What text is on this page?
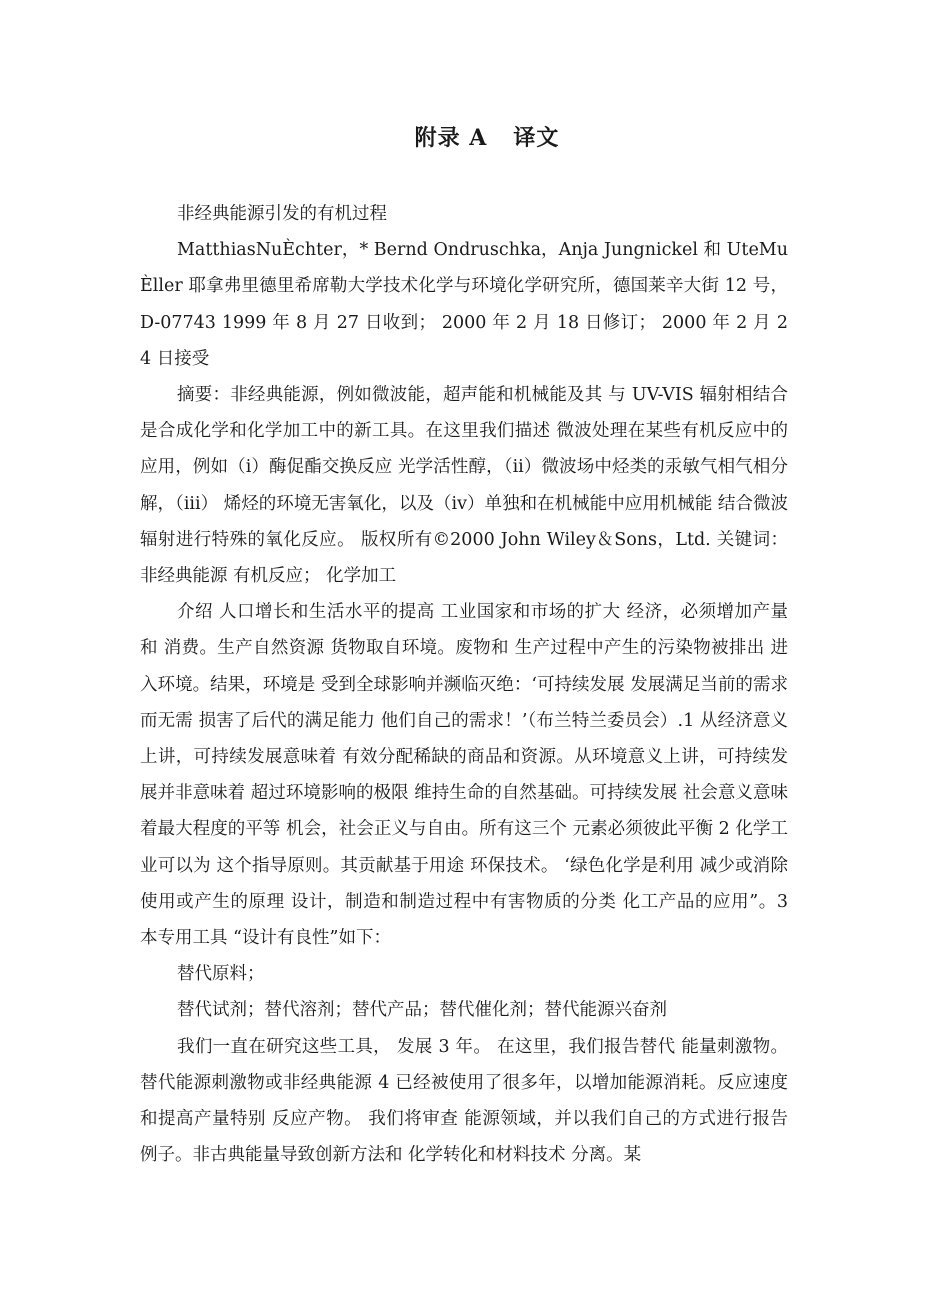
附录 A   译文

非经典能源引发的有机过程

MatthiasNuÈchter，* Bernd Ondruschka，Anja Jungnickel 和 UteMuÈller 耶拿弗里德里希席勒大学技术化学与环境化学研究所，德国莱辛大街 12 号，D-07743 1999 年 8 月 27 日收到； 2000 年 2 月 18 日修订； 2000 年 2 月 24 日接受

摘要：非经典能源，例如微波能，超声能和机械能及其 与 UV-VIS 辐射相结合是合成化学和化学加工中的新工具。在这里我们描述 微波处理在某些有机反应中的应用，例如（i）酶促酯交换反应 光学活性醇，（ii）微波场中烃类的汞敏气相气相分解，（iii） 烯烃的环境无害氧化，以及（iv）单独和在机械能中应用机械能 结合微波辐射进行特殊的氧化反应。 版权所有©2000 John Wiley＆Sons，Ltd. 关键词：非经典能源 有机反应； 化学加工

介绍 人口增长和生活水平的提高 工业国家和市场的扩大 经济，必须增加产量和 消费。生产自然资源 货物取自环境。废物和 生产过程中产生的污染物被排出 进入环境。结果，环境是 受到全球影响并濒临灭绝：‘可持续发展 发展满足当前的需求而无需 损害了后代的满足能力 他们自己的需求！’（布兰特兰委员会）.1 从经济意义上讲，可持续发展意味着 有效分配稀缺的商品和资源。从环境意义上讲，可持续发展并非意味着 超过环境影响的极限 维持生命的自然基础。可持续发展 社会意义意味着最大程度的平等 机会，社会正义与自由。所有这三个 元素必须彼此平衡 2 化学工业可以为 这个指导原则。其贡献基于用途 环保技术。 ‘绿色化学是利用 减少或消除使用或产生的原理 设计，制造和制造过程中有害物质的分类 化工产品的应用”。3 本专用工具 “设计有良性”如下：

替代原料；

替代试剂；替代溶剂；替代产品；替代催化剂；替代能源兴奋剂

我们一直在研究这些工具， 发展 3 年。 在这里，我们报告替代 能量刺激物。替代能源刺激物或非经典能源 4 已经被使用了很多年，以增加能源消耗。反应速度和提高产量特别 反应产物。 我们将审查 能源领域，并以我们自己的方式进行报告 例子。非古典能量导致创新方法和 化学转化和材料技术 分离。某
